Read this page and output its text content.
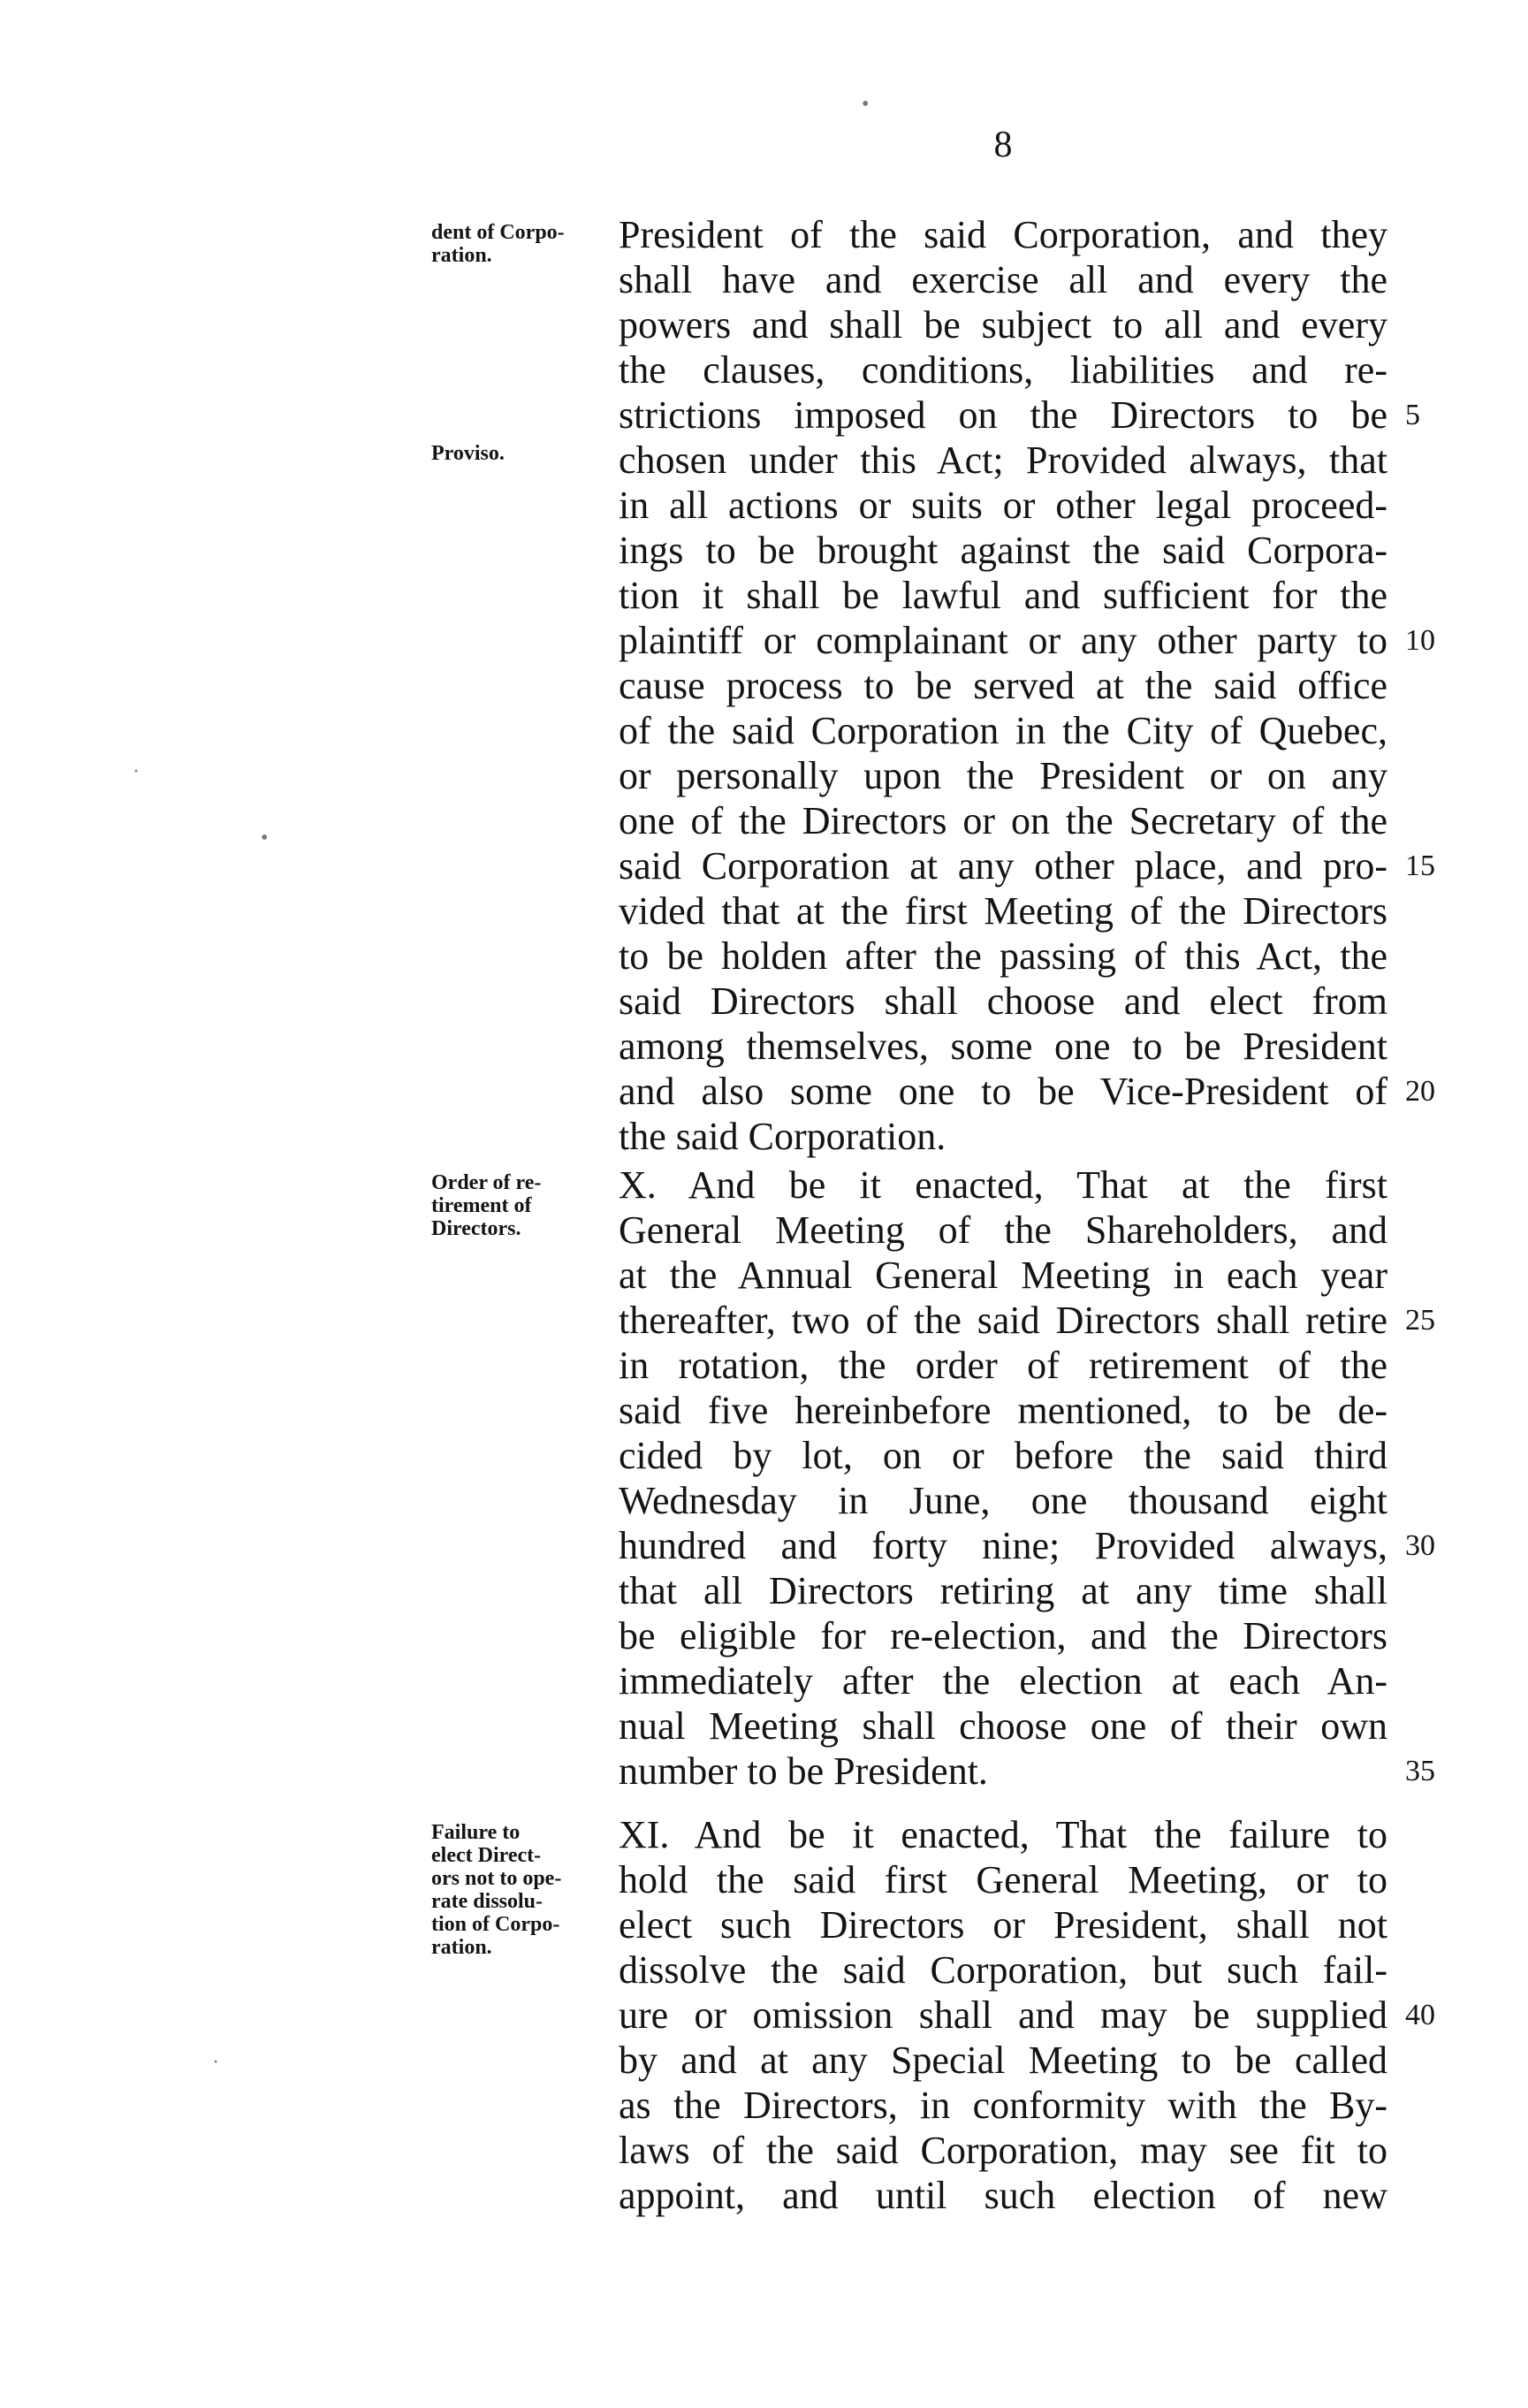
8
dent of Corpo-
ration.
Proviso.
Order of re-
tirement of
Directors.
Failure to
elect Direct-
ors not to ope-
rate dissolu-
tion of Corpo-
ration.
President of the said Corporation, and they
shall have and exercise all and every the
powers and shall be subject to all and every
the clauses, conditions, liabilities and re-
strictions imposed on the Directors to be
chosen under this Act; Provided always, that
in all actions or suits or other legal proceed-
ings to be brought against the said Corpora-
tion it shall be lawful and sufficient for the
plaintiff or complainant or any other party to
cause process to be served at the said office
of the said Corporation in the City of Quebec,
or personally upon the President or on any
one of the Directors or on the Secretary of the
said Corporation at any other place, and pro-
vided that at the first Meeting of the Directors
to be holden after the passing of this Act, the
said Directors shall choose and elect from
among themselves, some one to be President
and also some one to be Vice-President of
the said Corporation.
X. And be it enacted, That at the first
General Meeting of the Shareholders, and
at the Annual General Meeting in each year
thereafter, two of the said Directors shall retire
in rotation, the order of retirement of the
said five hereinbefore mentioned, to be de-
cided by lot, on or before the said third
Wednesday in June, one thousand eight
hundred and forty nine; Provided always,
that all Directors retiring at any time shall
be eligible for re-election, and the Directors
immediately after the election at each An-
nual Meeting shall choose one of their own
number to be President.
XI. And be it enacted, That the failure to
hold the said first General Meeting, or to
elect such Directors or President, shall not
dissolve the said Corporation, but such fail-
ure or omission shall and may be supplied
by and at any Special Meeting to be called
as the Directors, in conformity with the By-
laws of the said Corporation, may see fit to
appoint, and until such election of new
5
10
15
20
25
30
35
40
•
·
•
·
